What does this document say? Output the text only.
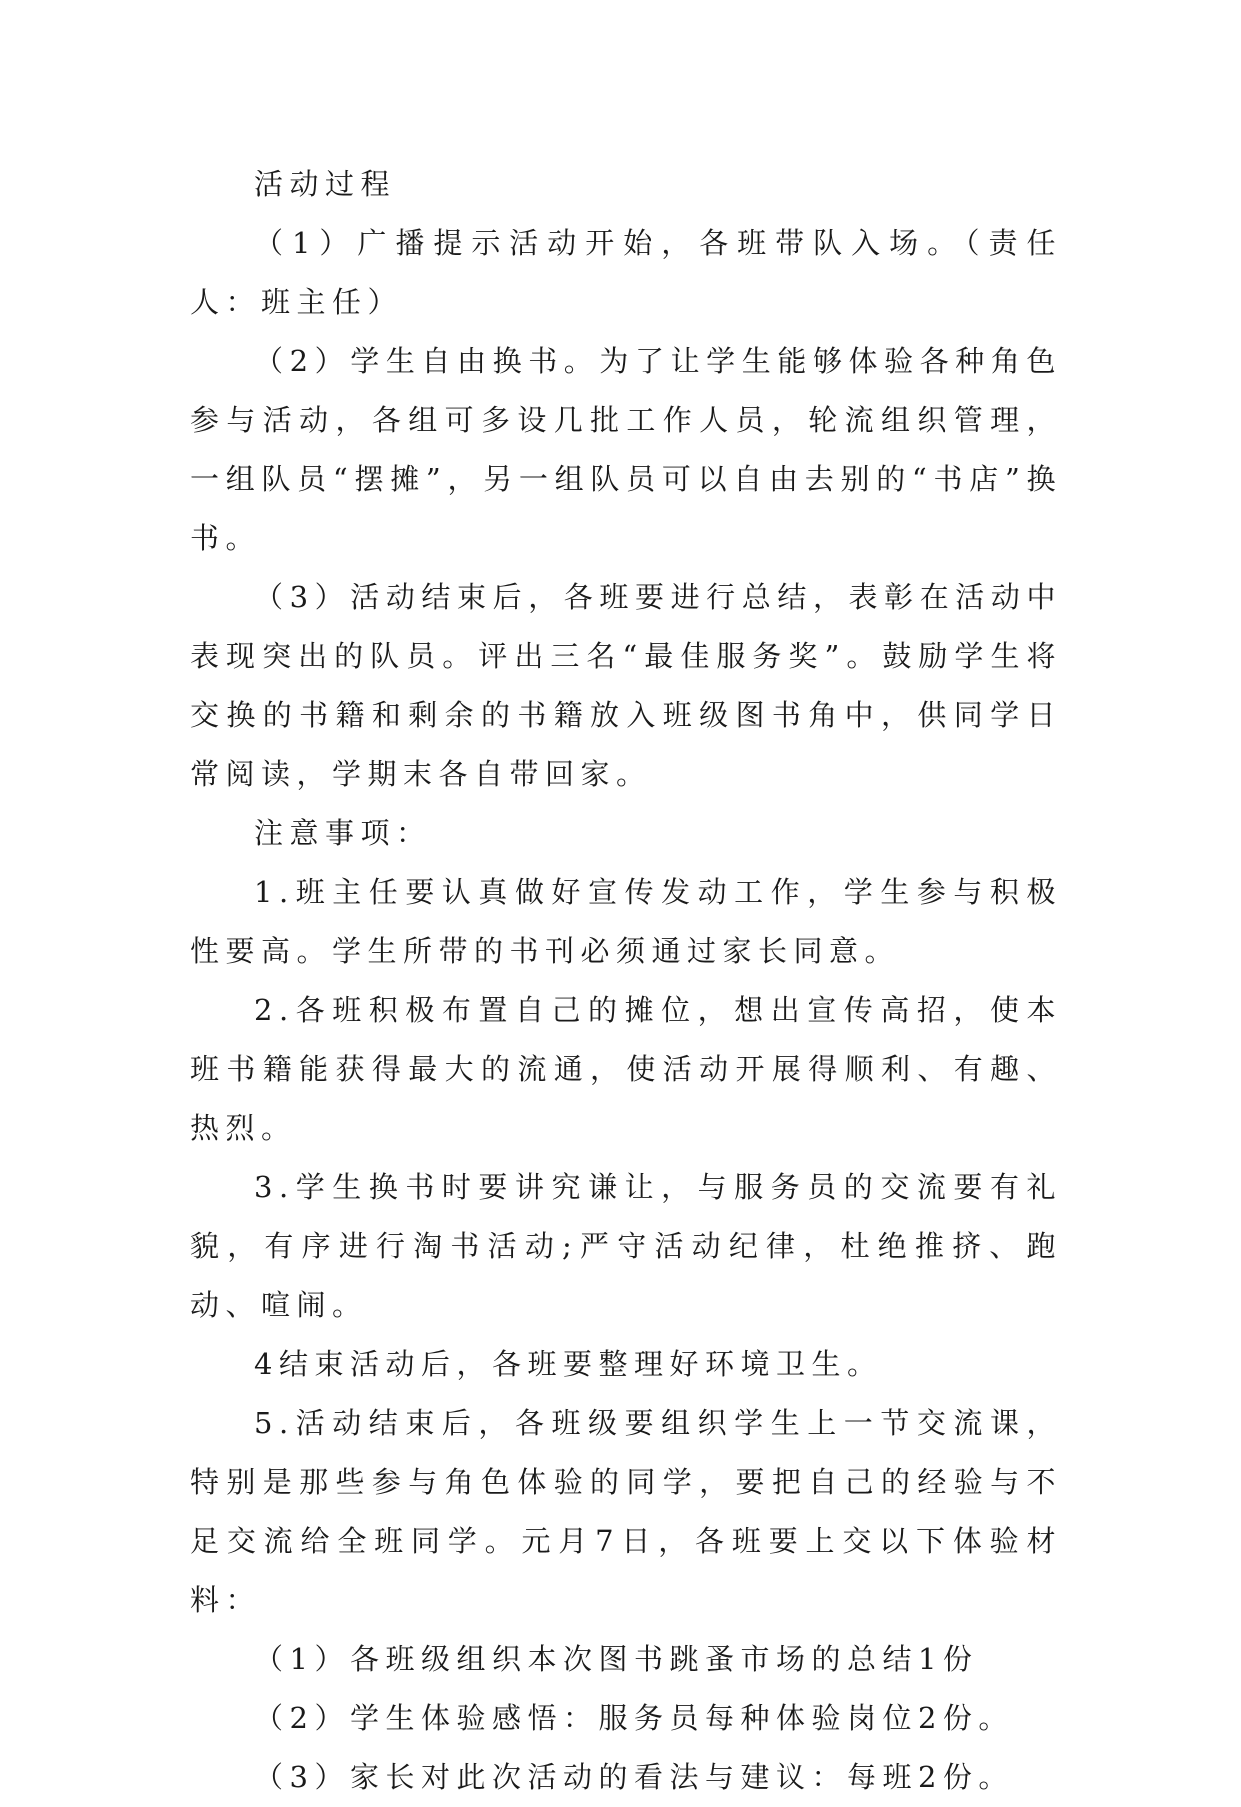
活动过程

（1）广播提示活动开始，各班带队入场。（责任人：班主任）

（2）学生自由换书。为了让学生能够体验各种角色参与活动，各组可多设几批工作人员，轮流组织管理，一组队员“摆摊”，另一组队员可以自由去别的“书店”换书。

（3）活动结束后，各班要进行总结，表彰在活动中表现突出的队员。评出三名“最佳服务奖”。鼓励学生将交换的书籍和剩余的书籍放入班级图书角中，供同学日常阅读，学期末各自带回家。

注意事项：

1.班主任要认真做好宣传发动工作，学生参与积极性要高。学生所带的书刊必须通过家长同意。

2.各班积极布置自己的摊位，想出宣传高招，使本班书籍能获得最大的流通，使活动开展得顺利、有趣、热烈。

3.学生换书时要讲究谦让，与服务员的交流要有礼貌，有序进行淘书活动;严守活动纪律，杜绝推挤、跑动、喧闹。

4结束活动后，各班要整理好环境卫生。

5.活动结束后，各班级要组织学生上一节交流课，特别是那些参与角色体验的同学，要把自己的经验与不足交流给全班同学。元月7日，各班要上交以下体验材料：

（1）各班级组织本次图书跳蚤市场的总结1份

（2）学生体验感悟：服务员每种体验岗位2份。

（3）家长对此次活动的看法与建议：每班2份。
